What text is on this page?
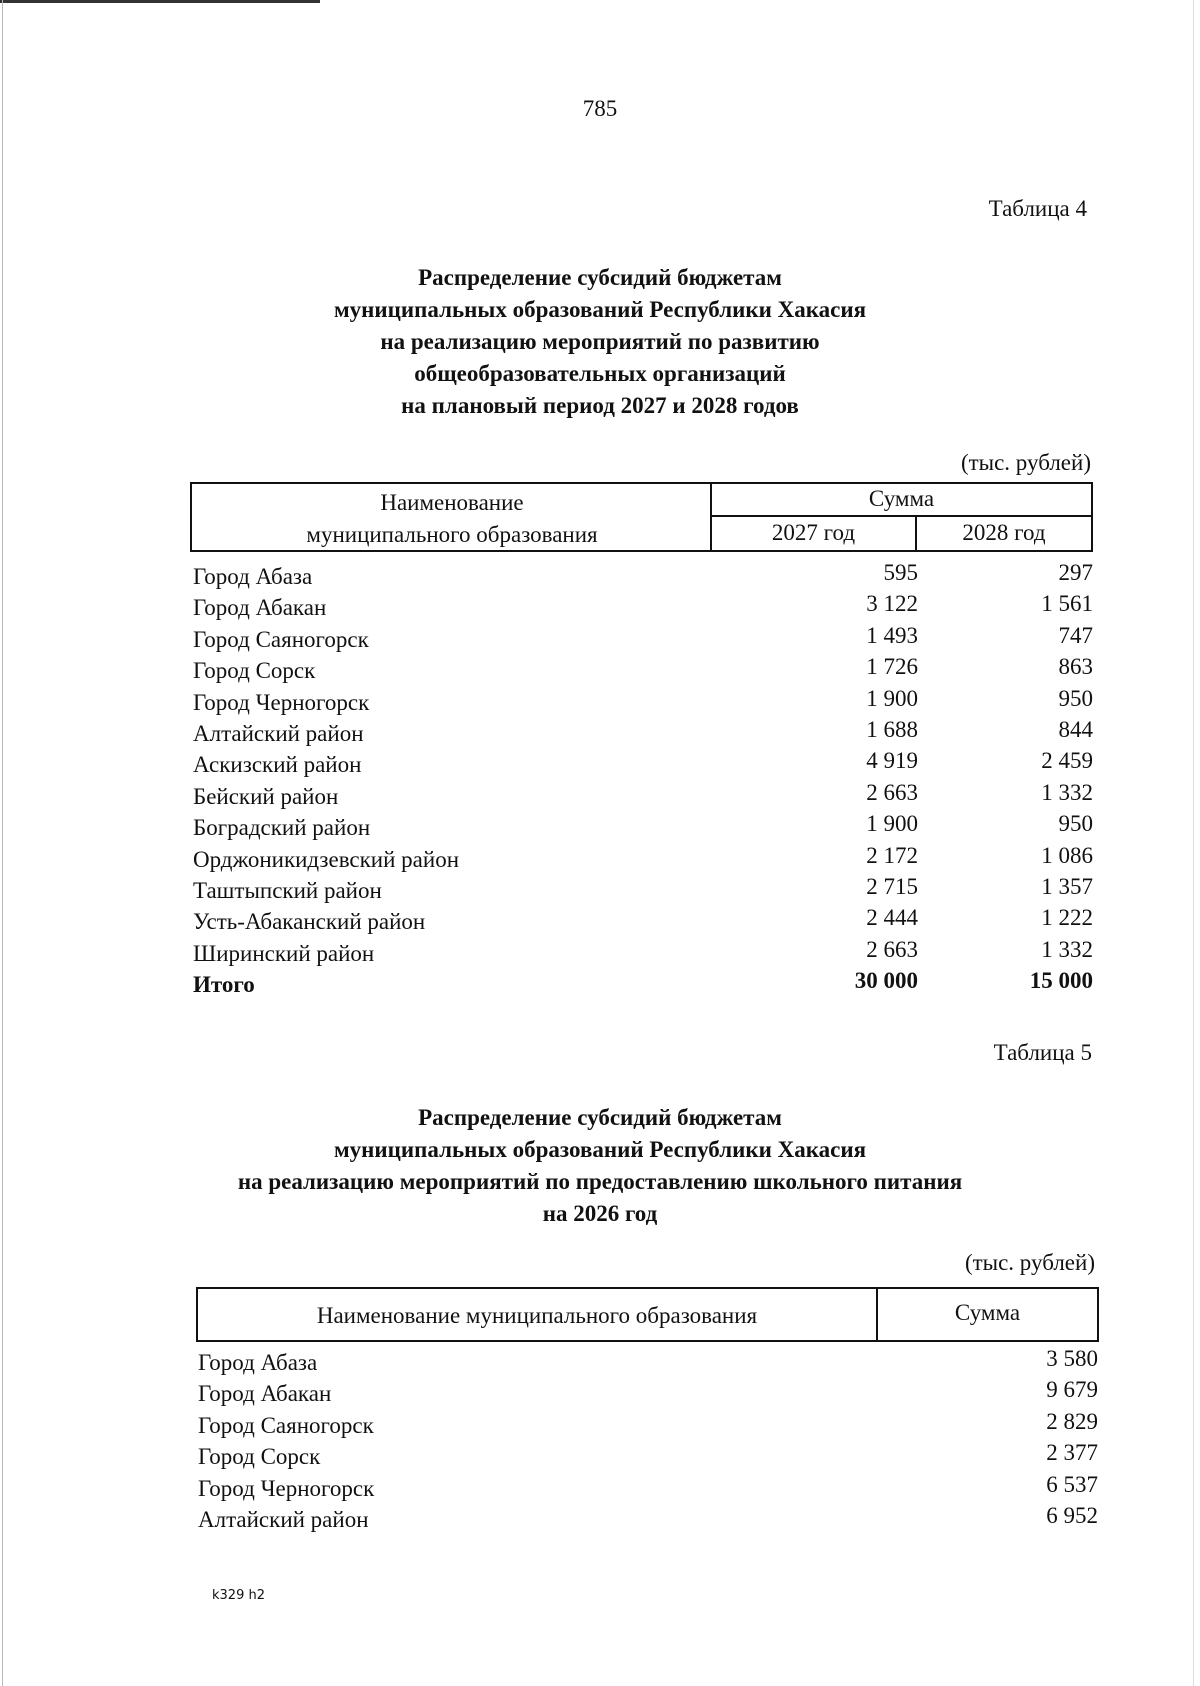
785
Таблица 4
Распределение субсидий бюджетам
муниципальных образований Республики Хакасия
на реализацию мероприятий по развитию
общеобразовательных организаций
на плановый период 2027 и 2028 годов
(тыс. рублей)
Наименование
муниципального образования
Сумма
2027 год	2028 год
Город Абаза	595	297
Город Абакан	3 122	1 561
Город Саяногорск	1 493	747
Город Сорск	1 726	863
Город Черногорск	1 900	950
Алтайский район	1 688	844
Аскизский район	4 919	2 459
Бейский район	2 663	1 332
Боградский район	1 900	950
Орджоникидзевский район	2 172	1 086
Таштыпский район	2 715	1 357
Усть-Абаканский район	2 444	1 222
Ширинский район	2 663	1 332
Итого	30 000	15 000
Таблица 5
Распределение субсидий бюджетам
муниципальных образований Республики Хакасия
на реализацию мероприятий по предоставлению школьного питания
на 2026 год
(тыс. рублей)
Наименование муниципального образования	Сумма
Город Абаза	3 580
Город Абакан	9 679
Город Саяногорск	2 829
Город Сорск	2 377
Город Черногорск	6 537
Алтайский район	6 952
k329 h2
